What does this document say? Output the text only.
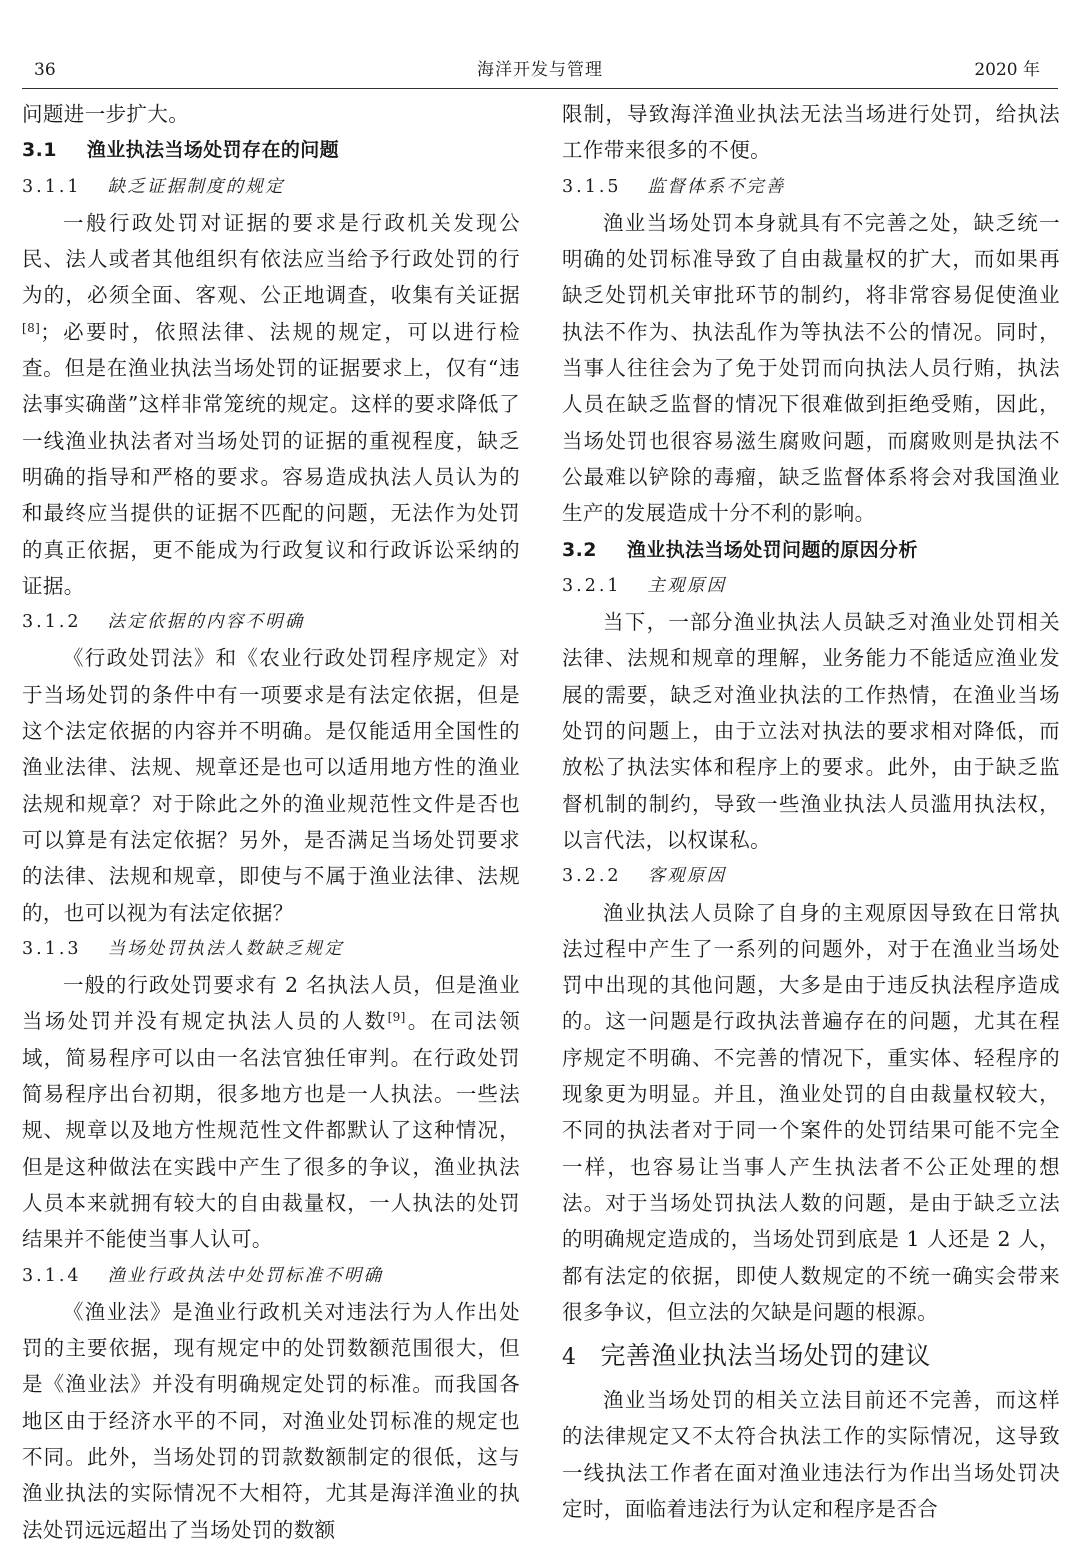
36	海洋开发与管理	2020 年

问题进一步扩大。

3.1 渔业执法当场处罚存在的问题
3.1.1 缺乏证据制度的规定

一般行政处罚对证据的要求是行政机关发现公民、法人或者其他组织有依法应当给予行政处罚的行为的，必须全面、客观、公正地调查，收集有关证据[8]；必要时，依照法律、法规的规定，可以进行检查。但是在渔业执法当场处罚的证据要求上，仅有“违法事实确凿”这样非常笼统的规定。这样的要求降低了一线渔业执法者对当场处罚的证据的重视程度，缺乏明确的指导和严格的要求。容易造成执法人员认为的和最终应当提供的证据不匹配的问题，无法作为处罚的真正依据，更不能成为行政复议和行政诉讼采纳的证据。

3.1.2 法定依据的内容不明确

《行政处罚法》和《农业行政处罚程序规定》对于当场处罚的条件中有一项要求是有法定依据，但是这个法定依据的内容并不明确。是仅能适用全国性的渔业法律、法规、规章还是也可以适用地方性的渔业法规和规章？对于除此之外的渔业规范性文件是否也可以算是有法定依据？另外，是否满足当场处罚要求的法律、法规和规章，即使与不属于渔业法律、法规的，也可以视为有法定依据？

3.1.3 当场处罚执法人数缺乏规定

一般的行政处罚要求有 2 名执法人员，但是渔业当场处罚并没有规定执法人员的人数[9]。在司法领域，简易程序可以由一名法官独任审判。在行政处罚简易程序出台初期，很多地方也是一人执法。一些法规、规章以及地方性规范性文件都默认了这种情况，但是这种做法在实践中产生了很多的争议，渔业执法人员本来就拥有较大的自由裁量权，一人执法的处罚结果并不能使当事人认可。

3.1.4 渔业行政执法中处罚标准不明确

《渔业法》是渔业行政机关对违法行为人作出处罚的主要依据，现有规定中的处罚数额范围很大，但是《渔业法》并没有明确规定处罚的标准。而我国各地区由于经济水平的不同，对渔业处罚标准的规定也不同。此外，当场处罚的罚款数额制定的很低，这与渔业执法的实际情况不大相符，尤其是海洋渔业的执法处罚远远超出了当场处罚的数额

限制，导致海洋渔业执法无法当场进行处罚，给执法工作带来很多的不便。

3.1.5 监督体系不完善

渔业当场处罚本身就具有不完善之处，缺乏统一明确的处罚标准导致了自由裁量权的扩大，而如果再缺乏处罚机关审批环节的制约，将非常容易促使渔业执法不作为、执法乱作为等执法不公的情况。同时，当事人往往会为了免于处罚而向执法人员行贿，执法人员在缺乏监督的情况下很难做到拒绝受贿，因此，当场处罚也很容易滋生腐败问题，而腐败则是执法不公最难以铲除的毒瘤，缺乏监督体系将会对我国渔业生产的发展造成十分不利的影响。

3.2 渔业执法当场处罚问题的原因分析
3.2.1 主观原因

当下，一部分渔业执法人员缺乏对渔业处罚相关法律、法规和规章的理解，业务能力不能适应渔业发展的需要，缺乏对渔业执法的工作热情，在渔业当场处罚的问题上，由于立法对执法的要求相对降低，而放松了执法实体和程序上的要求。此外，由于缺乏监督机制的制约，导致一些渔业执法人员滥用执法权，以言代法，以权谋私。

3.2.2 客观原因

渔业执法人员除了自身的主观原因导致在日常执法过程中产生了一系列的问题外，对于在渔业当场处罚中出现的其他问题，大多是由于违反执法程序造成的。这一问题是行政执法普遍存在的问题，尤其在程序规定不明确、不完善的情况下，重实体、轻程序的现象更为明显。并且，渔业处罚的自由裁量权较大，不同的执法者对于同一个案件的处罚结果可能不完全一样，也容易让当事人产生执法者不公正处理的想法。对于当场处罚执法人数的问题，是由于缺乏立法的明确规定造成的，当场处罚到底是 1 人还是 2 人，都有法定的依据，即使人数规定的不统一确实会带来很多争议，但立法的欠缺是问题的根源。

4 完善渔业执法当场处罚的建议

渔业当场处罚的相关立法目前还不完善，而这样的法律规定又不太符合执法工作的实际情况，这导致一线执法工作者在面对渔业违法行为作出当场处罚决定时，面临着违法行为认定和程序是否合
